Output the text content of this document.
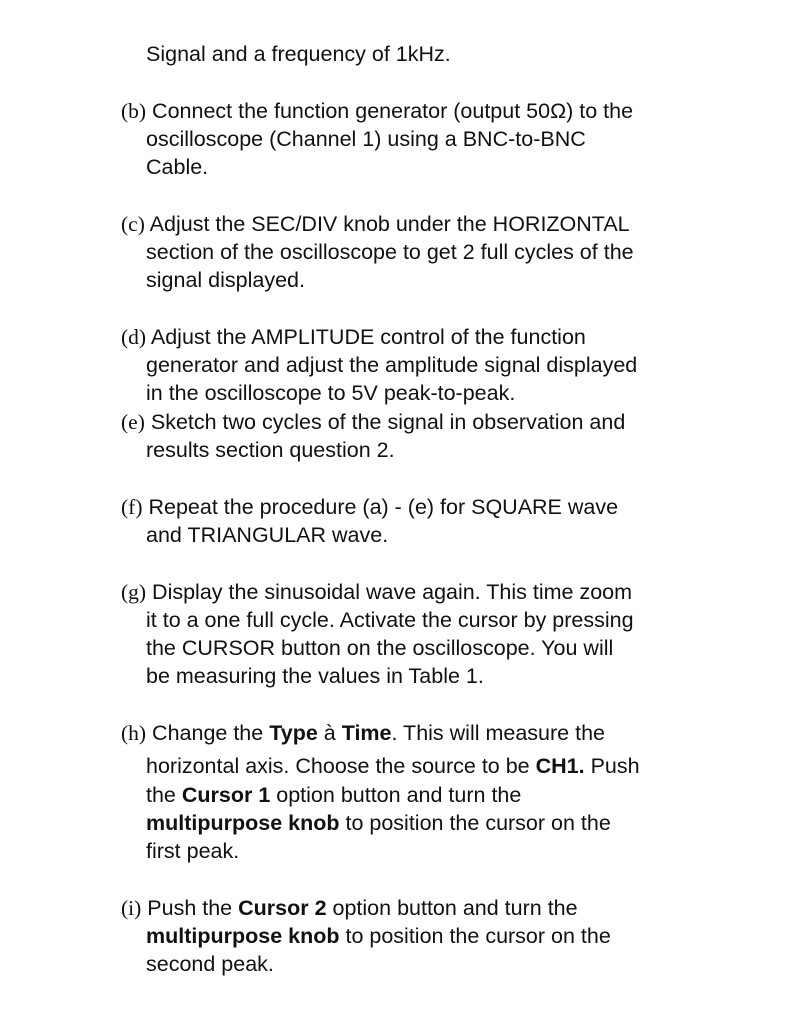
Signal and a frequency of 1kHz.
(b) Connect the function generator (output 50Ω) to the
oscilloscope (Channel 1) using a BNC-to-BNC
Cable.
(c) Adjust the SEC/DIV knob under the HORIZONTAL
section of the oscilloscope to get 2 full cycles of the
signal displayed.
(d) Adjust the AMPLITUDE control of the function
generator and adjust the amplitude signal displayed
in the oscilloscope to 5V peak-to-peak.
(e) Sketch two cycles of the signal in observation and
results section question 2.
(f) Repeat the procedure (a) - (e) for SQUARE wave
and TRIANGULAR wave.
(g) Display the sinusoidal wave again. This time zoom
it to a one full cycle. Activate the cursor by pressing
the CURSOR button on the oscilloscope. You will
be measuring the values in Table 1.
(h) Change the Type à Time. This will measure the
horizontal axis. Choose the source to be CH1. Push
the Cursor 1 option button and turn the
multipurpose knob to position the cursor on the
first peak.
(i) Push the Cursor 2 option button and turn the
multipurpose knob to position the cursor on the
second peak.
